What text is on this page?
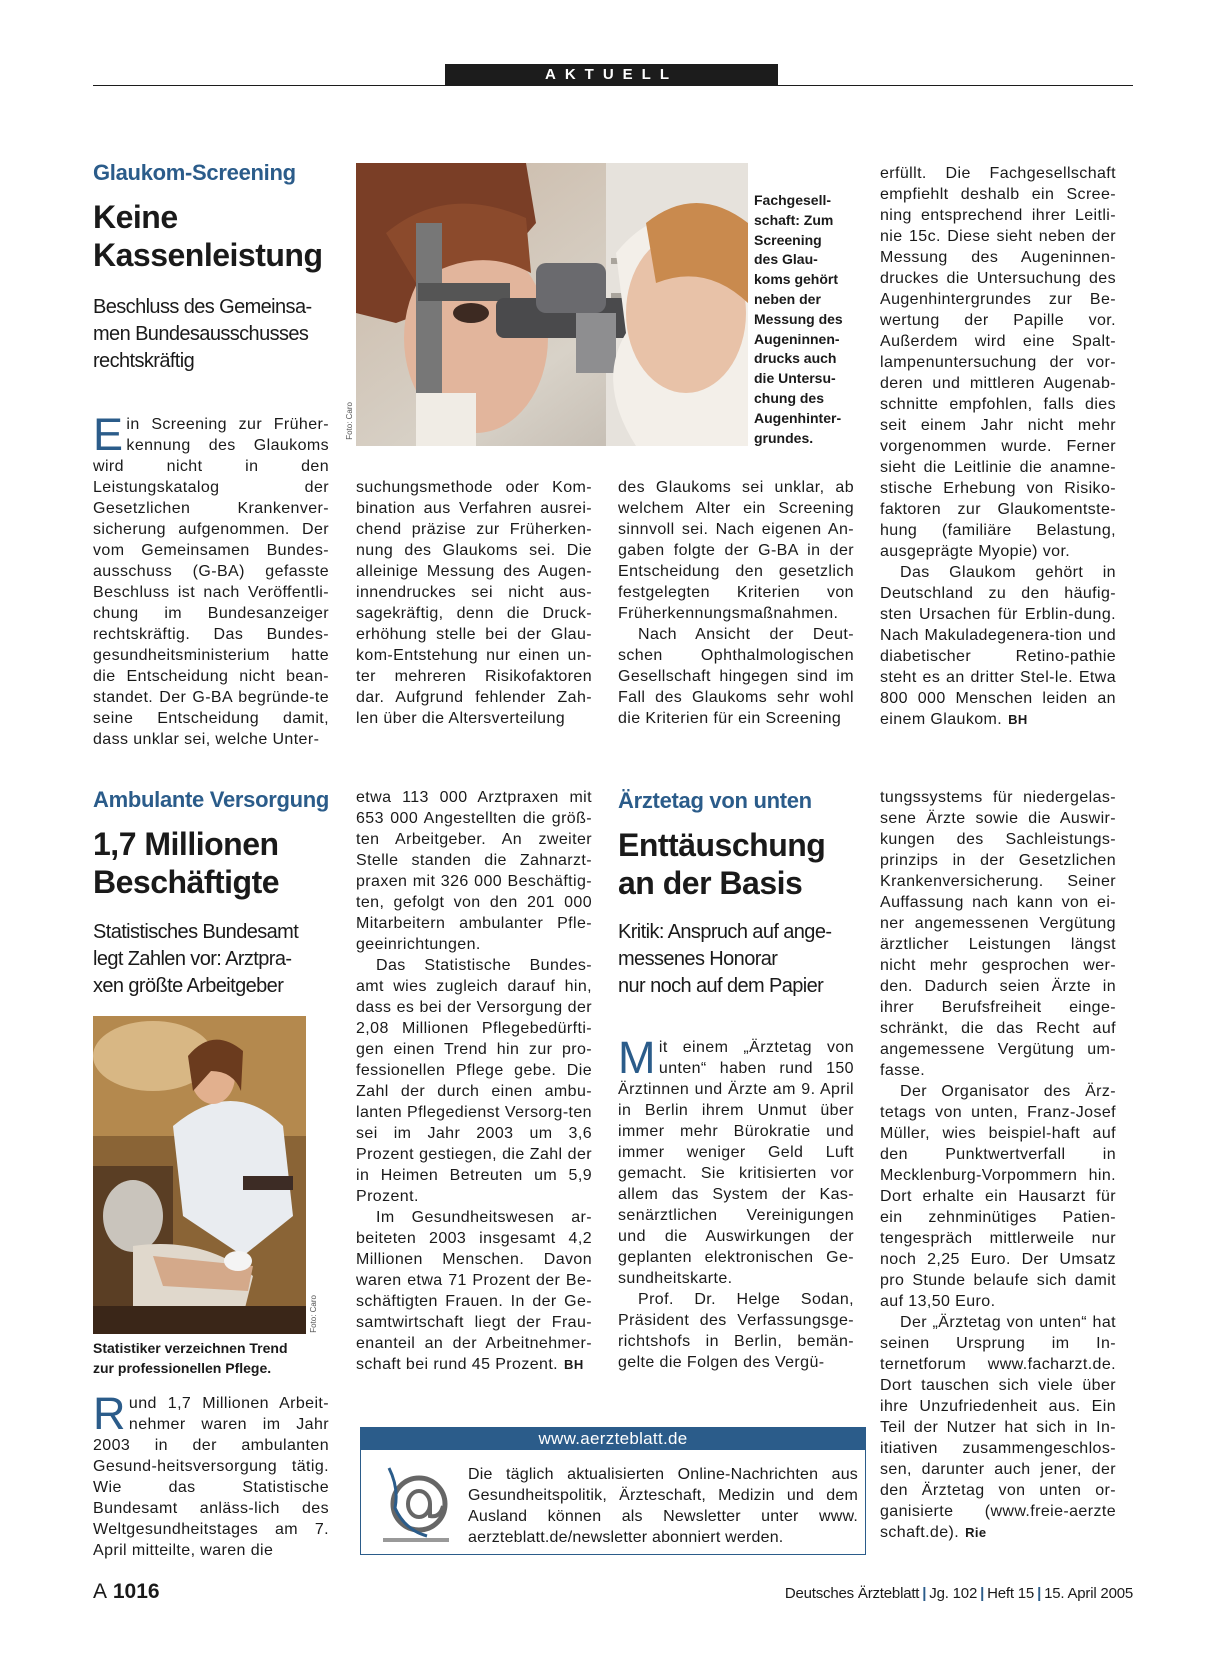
AKTUELL
Glaukom-Screening
Keine
Kassenleistung
Beschluss des Gemeinsa-
men Bundesausschusses
rechtskräftig
Foto: Caro
Fachgesell-
schaft: Zum
Screening
des Glau-
koms gehört
neben der
Messung des
Augeninnen-
drucks auch
die Untersu-
chung des
Augenhinter-
grundes.

Ein Screening zur Früher-kennung des Glaukoms wird nicht in den Leistungskatalog der Gesetzlichen Krankenver-sicherung aufgenommen. Der vom Gemeinsamen Bundes-ausschuss (G-BA) gefasste Beschluss ist nach Veröffentli-chung im Bundesanzeiger rechtskräftig. Das Bundes-gesundheitsministerium hatte die Entscheidung nicht bean-standet. Der G-BA begründe-te seine Entscheidung damit, dass unklar sei, welche Unter-

suchungsmethode oder Kom-bination aus Verfahren ausrei-chend präzise zur Früherken-nung des Glaukoms sei. Die alleinige Messung des Augen-innendruckes sei nicht aus-sagekräftig, denn die Druck-erhöhung stelle bei der Glau-kom-Entstehung nur einen un-ter mehreren Risikofaktoren dar. Aufgrund fehlender Zah-len über die Altersverteilung

des Glaukoms sei unklar, ab welchem Alter ein Screening sinnvoll sei. Nach eigenen An-gaben folgte der G-BA in der Entscheidung den gesetzlich festgelegten Kriterien von Früherkennungsmaßnahmen.

Nach Ansicht der Deut-schen Ophthalmologischen Gesellschaft hingegen sind im Fall des Glaukoms sehr wohl die Kriterien für ein Screening

erfüllt. Die Fachgesellschaft empfiehlt deshalb ein Scree-ning entsprechend ihrer Leitli-nie 15c. Diese sieht neben der Messung des Augeninnen-druckes die Untersuchung des Augenhintergrundes zur Be-wertung der Papille vor. Außerdem wird eine Spalt-lampenuntersuchung der vor-deren und mittleren Augenab-schnitte empfohlen, falls dies seit einem Jahr nicht mehr vorgenommen wurde. Ferner sieht die Leitlinie die anamne-stische Erhebung von Risiko-faktoren zur Glaukomentste-hung (familiäre Belastung, ausgeprägte Myopie) vor.

Das Glaukom gehört in Deutschland zu den häufig-sten Ursachen für Erblin-dung. Nach Makuladegenera-tion und diabetischer Retino-pathie steht es an dritter Stel-le. Etwa 800 000 Menschen leiden an einem Glaukom. BH

Ambulante Versorgung
1,7 Millionen
Beschäftigte
Statistisches Bundesamt
legt Zahlen vor: Arztpra-
xen größte Arbeitgeber
Foto: Caro
Statistiker verzeichnen Trend
zur professionellen Pflege.

Rund 1,7 Millionen Arbeit-nehmer waren im Jahr 2003 in der ambulanten Gesund-heitsversorgung tätig. Wie das Statistische Bundesamt anläss-lich des Weltgesundheitstages am 7. April mitteilte, waren die

etwa 113 000 Arztpraxen mit 653 000 Angestellten die größ-ten Arbeitgeber. An zweiter Stelle standen die Zahnarzt-praxen mit 326 000 Beschäftig-ten, gefolgt von den 201 000 Mitarbeitern ambulanter Pfle-geeinrichtungen.

Das Statistische Bundes-amt wies zugleich darauf hin, dass es bei der Versorgung der 2,08 Millionen Pflegebedürfti-gen einen Trend hin zur pro-fessionellen Pflege gebe. Die Zahl der durch einen ambu-lanten Pflegedienst Versorg-ten sei im Jahr 2003 um 3,6 Prozent gestiegen, die Zahl der in Heimen Betreuten um 5,9 Prozent.

Im Gesundheitswesen ar-beiteten 2003 insgesamt 4,2 Millionen Menschen. Davon waren etwa 71 Prozent der Be-schäftigten Frauen. In der Ge-samtwirtschaft liegt der Frau-enanteil an der Arbeitnehmer-schaft bei rund 45 Prozent. BH

Ärztetag von unten
Enttäuschung
an der Basis
Kritik: Anspruch auf ange-
messenes Honorar
nur noch auf dem Papier

Mit einem „Ärztetag von unten“ haben rund 150 Ärztinnen und Ärzte am 9. April in Berlin ihrem Unmut über immer mehr Bürokratie und immer weniger Geld Luft gemacht. Sie kritisierten vor allem das System der Kas-senärztlichen Vereinigungen und die Auswirkungen der geplanten elektronischen Ge-sundheitskarte.

Prof. Dr. Helge Sodan, Präsident des Verfassungsge-richtshofs in Berlin, bemän-gelte die Folgen des Vergü-

tungssystems für niedergelas-sene Ärzte sowie die Auswir-kungen des Sachleistungs-prinzips in der Gesetzlichen Krankenversicherung. Seiner Auffassung nach kann von ei-ner angemessenen Vergütung ärztlicher Leistungen längst nicht mehr gesprochen wer-den. Dadurch seien Ärzte in ihrer Berufsfreiheit einge-schränkt, die das Recht auf angemessene Vergütung um-fasse.

Der Organisator des Ärz-tetags von unten, Franz-Josef Müller, wies beispiel-haft auf den Punktwertverfall in Mecklenburg-Vorpommern hin. Dort erhalte ein Hausarzt für ein zehnminütiges Patien-tengespräch mittlerweile nur noch 2,25 Euro. Der Umsatz pro Stunde belaufe sich damit auf 13,50 Euro.

Der „Ärztetag von unten“ hat seinen Ursprung im In-ternetforum www.facharzt.de. Dort tauschen sich viele über ihre Unzufriedenheit aus. Ein Teil der Nutzer hat sich in In-itiativen zusammengeschlos-sen, darunter auch jener, der den Ärztetag von unten or-ganisierte (www.freie-aerzte schaft.de). Rie

www.aerzteblatt.de
Die täglich aktualisierten Online-Nachrichten aus Gesundheitspolitik, Ärzteschaft, Medizin und dem Ausland können als Newsletter unter www. aerzteblatt.de/newsletter abonniert werden.
A 1016	Deutsches Ärzteblatt | Jg. 102 | Heft 15 | 15. April 2005
